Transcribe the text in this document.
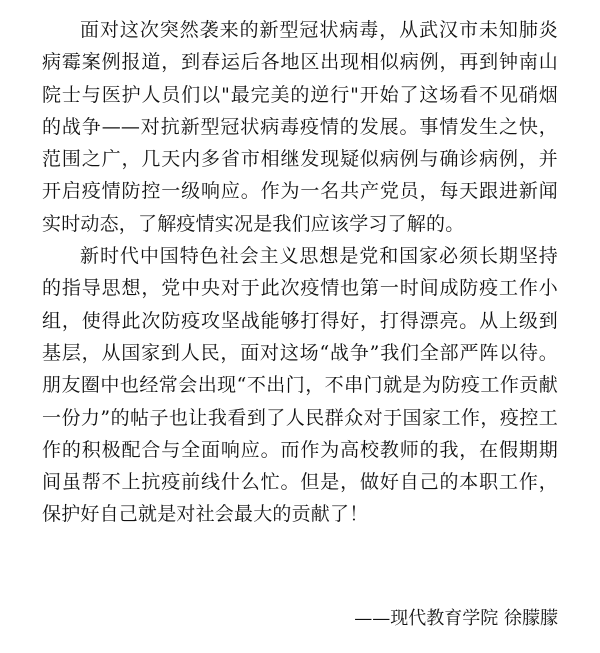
面对这次突然袭来的新型冠状病毒，从武汉市未知肺炎病霉案例报道，到春运后各地区出现相似病例，再到钟南山院士与医护人员们以"最完美的逆行"开始了这场看不见硝烟的战争——对抗新型冠状病毒疫情的发展。事情发生之快，范围之广，几天内多省市相继发现疑似病例与确诊病例，并开启疫情防控一级响应。作为一名共产党员，每天跟进新闻实时动态，了解疫情实况是我们应该学习了解的。

新时代中国特色社会主义思想是党和国家必须长期坚持的指导思想，党中央对于此次疫情也第一时间成防疫工作小组，使得此次防疫攻坚战能够打得好，打得漂亮。从上级到基层，从国家到人民，面对这场“战争”我们全部严阵以待。朋友圈中也经常会出现“不出门，不串门就是为防疫工作贡献一份力”的帖子也让我看到了人民群众对于国家工作，疫控工作的积极配合与全面响应。而作为高校教师的我，在假期期间虽帮不上抗疫前线什么忙。但是，做好自己的本职工作，保护好自己就是对社会最大的贡献了！

——现代教育学院 徐朦朦
